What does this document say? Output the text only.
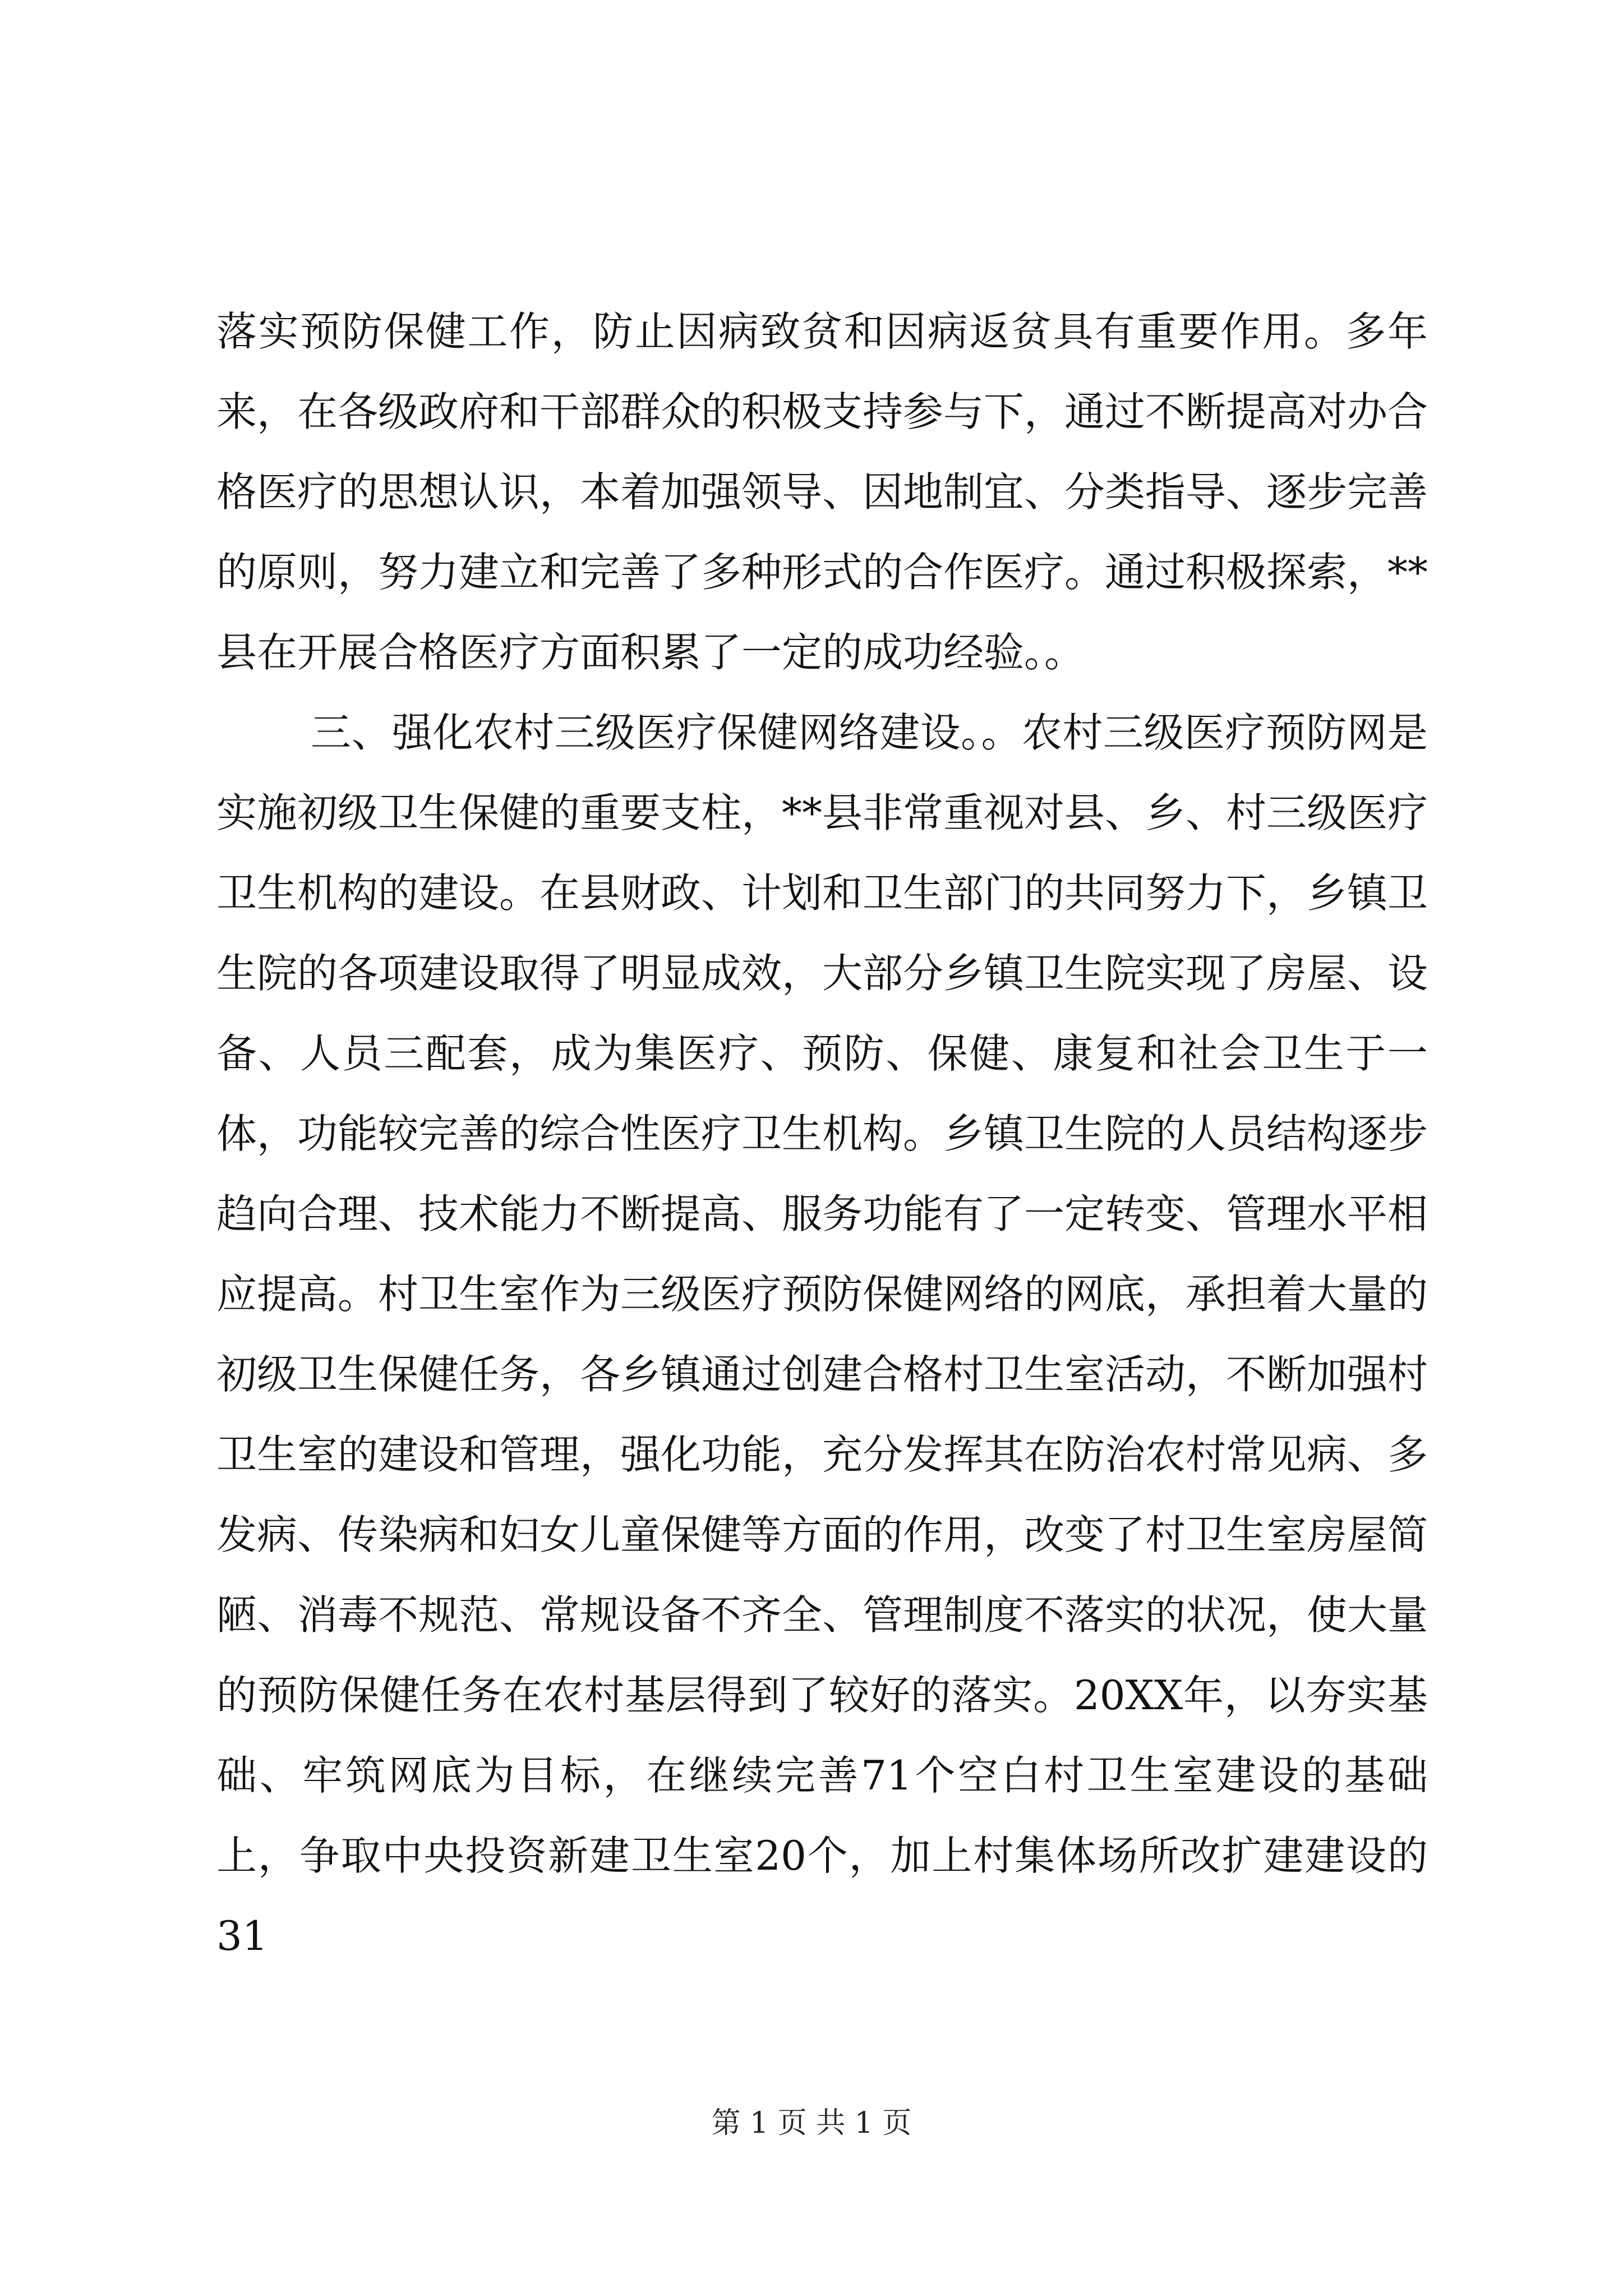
落实预防保健工作，防止因病致贫和因病返贫具有重要作用。多年来，在各级政府和干部群众的积极支持参与下，通过不断提高对办合格医疗的思想认识，本着加强领导、因地制宜、分类指导、逐步完善的原则，努力建立和完善了多种形式的合作医疗。通过积极探索，**县在开展合格医疗方面积累了一定的成功经验。。

三、强化农村三级医疗保健网络建设。。农村三级医疗预防网是实施初级卫生保健的重要支柱，**县非常重视对县、乡、村三级医疗卫生机构的建设。在县财政、计划和卫生部门的共同努力下，乡镇卫生院的各项建设取得了明显成效，大部分乡镇卫生院实现了房屋、设备、人员三配套，成为集医疗、预防、保健、康复和社会卫生于一体，功能较完善的综合性医疗卫生机构。乡镇卫生院的人员结构逐步趋向合理、技术能力不断提高、服务功能有了一定转变、管理水平相应提高。村卫生室作为三级医疗预防保健网络的网底，承担着大量的初级卫生保健任务，各乡镇通过创建合格村卫生室活动，不断加强村卫生室的建设和管理，强化功能，充分发挥其在防治农村常见病、多发病、传染病和妇女儿童保健等方面的作用，改变了村卫生室房屋简陋、消毒不规范、常规设备不齐全、管理制度不落实的状况，使大量的预防保健任务在农村基层得到了较好的落实。20XX年，以夯实基础、牢筑网底为目标，在继续完善71个空白村卫生室建设的基础上，争取中央投资新建卫生室20个，加上村集体场所改扩建建设的31

第 1 页 共 1 页
